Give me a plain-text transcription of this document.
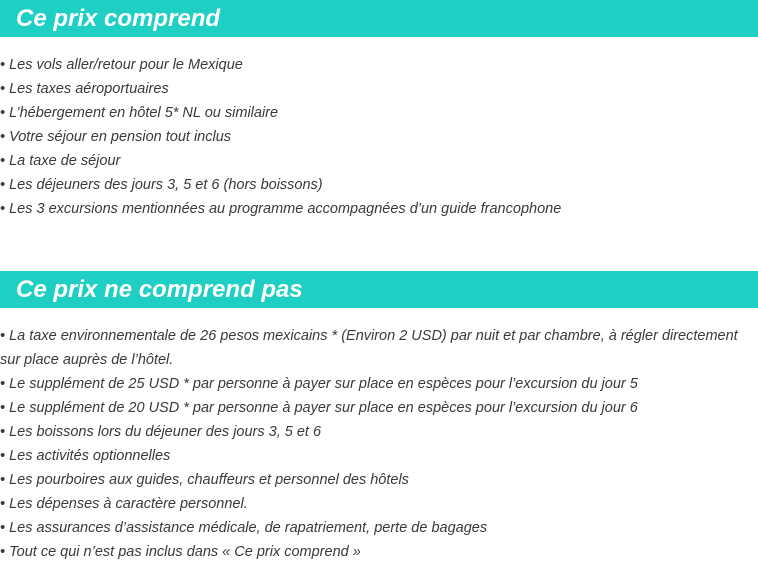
Ce prix comprend
• Les vols aller/retour pour le Mexique
• Les taxes aéroportuaires
• L’hébergement en hôtel 5* NL ou similaire
• Votre séjour en pension tout inclus
• La taxe de séjour
• Les déjeuners des jours 3, 5 et 6 (hors boissons)
• Les 3 excursions mentionnées au programme accompagnées d’un guide francophone
Ce prix ne comprend pas
• La taxe environnementale de 26 pesos mexicains * (Environ 2 USD) par nuit et par chambre, à régler directement sur place auprès de l’hôtel.
• Le supplément de 25 USD * par personne à payer sur place en espèces pour l’excursion du jour 5
• Le supplément de 20 USD * par personne à payer sur place en espèces pour l’excursion du jour 6
• Les boissons lors du déjeuner des jours 3, 5 et 6
• Les activités optionnelles
• Les pourboires aux guides, chauffeurs et personnel des hôtels
• Les dépenses à caractère personnel.
• Les assurances d’assistance médicale, de rapatriement, perte de bagages
• Tout ce qui n’est pas inclus dans « Ce prix comprend »
